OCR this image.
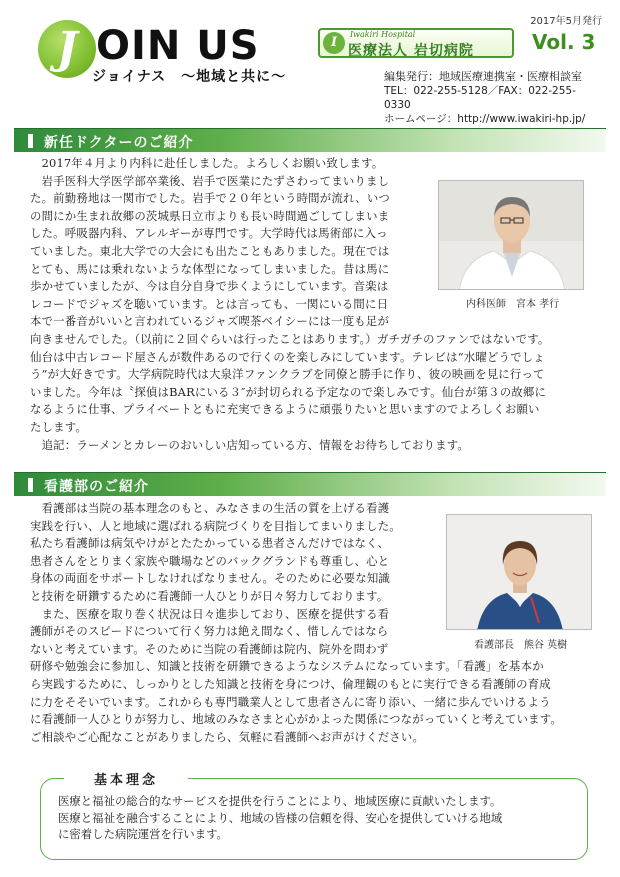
2017年5月発行
J OIN US
ジョイナス　～地域と共に～
I
Iwakiri Hospital
医療法人 岩切病院	Vol. 3
編集発行：地域医療連携室・医療相談室
TEL：022-255-5128／FAX：022-255-0330
ホームページ：http://www.iwakiri-hp.jp/
新任ドクターのご紹介

　2017年４月より内科に赴任しました。よろしくお願い致します。

　岩手医科大学医学部卒業後、岩手で医業にたずさわってまいりまし

た。前勤務地は一関市でした。岩手で２０年という時間が流れ、いつ

の間にか生まれ故郷の茨城県日立市よりも長い時間過ごしてしまいま

した。呼吸器内科、アレルギーが専門です。大学時代は馬術部に入っ

ていました。東北大学での大会にも出たこともありました。現在では

とても、馬には乗れないような体型になってしまいました。昔は馬に

歩かせていましたが、今は自分自身で歩くようにしています。音楽は

レコードでジャズを聴いています。とは言っても、一関にいる間に日

本で一番音がいいと言われているジャズ喫茶ベイシーには一度も足が

向きませんでした。（以前に２回ぐらいは行ったことはあります。）ガチガチのファンではないです。

仙台は中古レコード屋さんが数件あるので行くのを楽しみにしています。テレビは“水曜どうでしょ

う”が大好きです。大学病院時代は大泉洋ファンクラブを同僚と勝手に作り、彼の映画を見に行って

いました。今年は〝探偵はBARにいる３″が封切られる予定なので楽しみです。仙台が第３の故郷に

なるように仕事、プライベートともに充実できるように頑張りたいと思いますのでよろしくお願い

たします。

　追記：ラーメンとカレーのおいしい店知っている方、情報をお待ちしております。

内科医師　宮本 孝行
看護部のご紹介

　看護部は当院の基本理念のもと、みなさまの生活の質を上げる看護

実践を行い、人と地域に選ばれる病院づくりを目指してまいりました。

私たち看護師は病気やけがとたたかっている患者さんだけではなく、

患者さんをとりまく家族や職場などのバックグランドも尊重し、心と

身体の両面をサポートしなければなりません。そのために必要な知識

と技術を研鑽するために看護師一人ひとりが日々努力しております。

　また、医療を取り巻く状況は日々進歩しており、医療を提供する看

護師がそのスピードについて行く努力は絶え間なく、惜しんではなら

ないと考えています。そのために当院の看護師は院内、院外を問わず

研修や勉強会に参加し、知識と技術を研鑽できるようなシステムになっています。「看護」を基本か

ら実践するために、しっかりとした知識と技術を身につけ、倫理観のもとに実行できる看護師の育成

に力をそそいでいます。これからも専門職業人として患者さんに寄り添い、一緒に歩んでいけるよう

に看護師一人ひとりが努力し、地域のみなさまと心がかよった関係につながっていくと考えています。

ご相談やご心配なことがありましたら、気軽に看護師へお声がけください。

看護部長　熊谷 英樹
基本理念

医療と福祉の総合的なサービスを提供を行うことにより、地域医療に貢献いたします。

医療と福祉を融合することにより、地域の皆様の信頼を得、安心を提供していける地域

に密着した病院運営を行います。
